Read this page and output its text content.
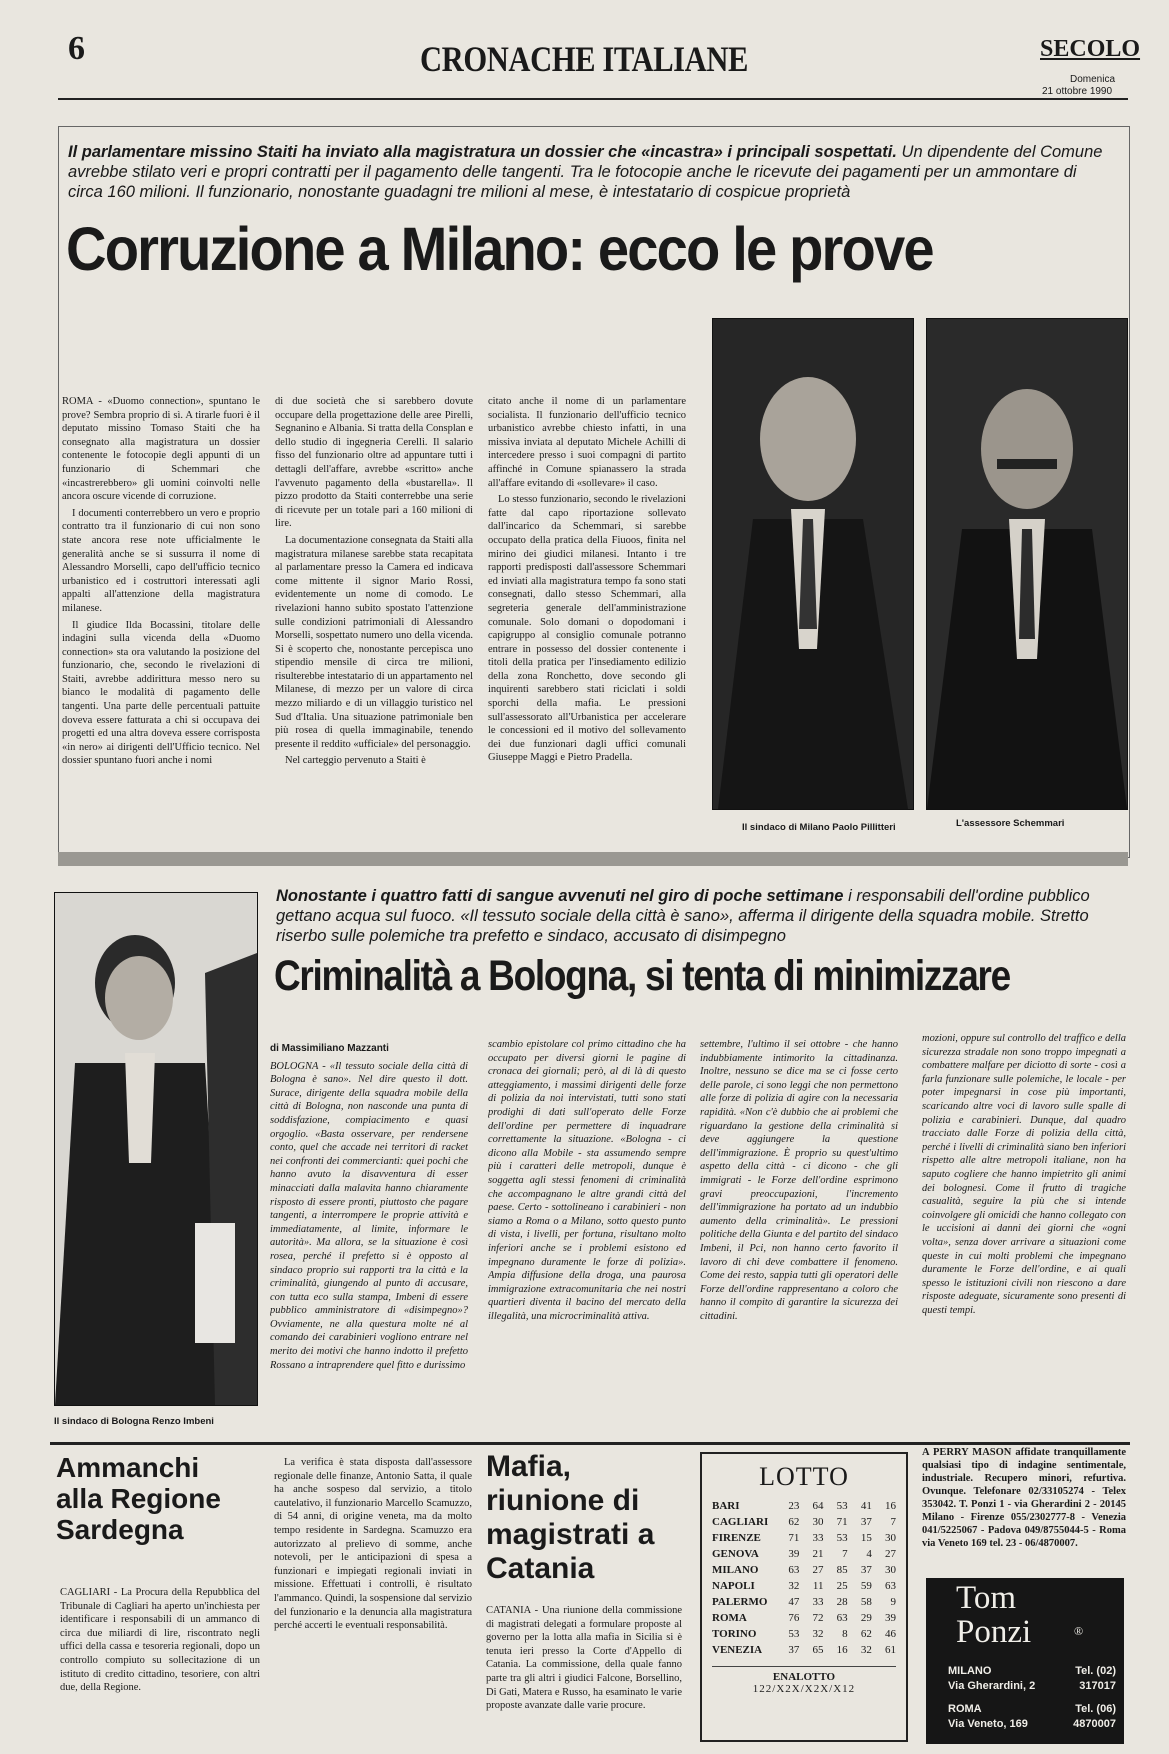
6	CRONACHE ITALIANE	SECOLO
Domenica
21 ottobre 1990
Il parlamentare missino Staiti ha inviato alla magistratura un dossier che «incastra» i principali sospettati. Un dipendente del Comune avrebbe stilato veri e propri contratti per il pagamento delle tangenti. Tra le fotocopie anche le ricevute dei pagamenti per un ammontare di circa 160 milioni. Il funzionario, nonostante guadagni tre milioni al mese, è intestatario di cospicue proprietà
Corruzione a Milano: ecco le prove

ROMA - «Duomo connection», spuntano le prove? Sembra proprio di sì. A tirarle fuori è il deputato missino Tomaso Staiti che ha consegnato alla magistratura un dossier contenente le fotocopie degli appunti di un funzionario di Schemmari che «incastrerebbero» gli uomini coinvolti nelle ancora oscure vicende di corruzione.

I documenti conterrebbero un vero e proprio contratto tra il funzionario di cui non sono state ancora rese note ufficialmente le generalità anche se si sussurra il nome di Alessandro Morselli, capo dell'ufficio tecnico urbanistico ed i costruttori interessati agli appalti all'attenzione della magistratura milanese.

Il giudice Ilda Bocassini, titolare delle indagini sulla vicenda della «Duomo connection» sta ora valutando la posizione del funzionario, che, secondo le rivelazioni di Staiti, avrebbe addirittura messo nero su bianco le modalità di pagamento delle tangenti. Una parte delle percentuali pattuite doveva essere fatturata a chi si occupava dei progetti ed una altra doveva essere corrisposta «in nero» ai dirigenti dell'Ufficio tecnico. Nel dossier spuntano fuori anche i nomi

di due società che si sarebbero dovute occupare della progettazione delle aree Pirelli, Segnanino e Albania. Si tratta della Consplan e dello studio di ingegneria Cerelli. Il salario fisso del funzionario oltre ad appuntare tutti i dettagli dell'affare, avrebbe «scritto» anche l'avvenuto pagamento della «bustarella». Il pizzo prodotto da Staiti conterrebbe una serie di ricevute per un totale pari a 160 milioni di lire.

La documentazione consegnata da Staiti alla magistratura milanese sarebbe stata recapitata al parlamentare presso la Camera ed indicava come mittente il signor Mario Rossi, evidentemente un nome di comodo. Le rivelazioni hanno subito spostato l'attenzione sulle condizioni patrimoniali di Alessandro Morselli, sospettato numero uno della vicenda. Si è scoperto che, nonostante percepisca uno stipendio mensile di circa tre milioni, risulterebbe intestatario di un appartamento nel Milanese, di mezzo per un valore di circa mezzo miliardo e di un villaggio turistico nel Sud d'Italia. Una situazione patrimoniale ben più rosea di quella immaginabile, tenendo presente il reddito «ufficiale» del personaggio.

Nel carteggio pervenuto a Staiti è

citato anche il nome di un parlamentare socialista. Il funzionario dell'ufficio tecnico urbanistico avrebbe chiesto infatti, in una missiva inviata al deputato Michele Achilli di intercedere presso i suoi compagni di partito affinché in Comune spianassero la strada all'affare evitando di «sollevare» il caso.

Lo stesso funzionario, secondo le rivelazioni fatte dal capo riportazione sollevato dall'incarico da Schemmari, si sarebbe occupato della pratica della Fiuoos, finita nel mirino dei giudici milanesi. Intanto i tre rapporti predisposti dall'assessore Schemmari ed inviati alla magistratura tempo fa sono stati consegnati, dallo stesso Schemmari, alla segreteria generale dell'amministrazione comunale. Solo domani o dopodomani i capigruppo al consiglio comunale potranno entrare in possesso del dossier contenente i titoli della pratica per l'insediamento edilizio della zona Ronchetto, dove secondo gli inquirenti sarebbero stati riciclati i soldi sporchi della mafia. Le pressioni sull'assessorato all'Urbanistica per accelerare le concessioni ed il motivo del sollevamento dei due funzionari dagli uffici comunali Giuseppe Maggi e Pietro Pradella.

Il sindaco di Milano Paolo Pillitteri	L'assessore Schemmari
Il sindaco di Bologna Renzo Imbeni
Nonostante i quattro fatti di sangue avvenuti nel giro di poche settimane i responsabili dell'ordine pubblico gettano acqua sul fuoco. «Il tessuto sociale della città è sano», afferma il dirigente della squadra mobile. Stretto riserbo sulle polemiche tra prefetto e sindaco, accusato di disimpegno
Criminalità a Bologna, si tenta di minimizzare
di Massimiliano Mazzanti

BOLOGNA - «Il tessuto sociale della città di Bologna è sano». Nel dire questo il dott. Surace, dirigente della squadra mobile della città di Bologna, non nasconde una punta di soddisfazione, compiacimento e quasi orgoglio. «Basta osservare, per rendersene conto, quel che accade nei territori di racket nei confronti dei commercianti: quei pochi che hanno avuto la disavventura di esser minacciati dalla malavita hanno chiaramente risposto di essere pronti, piuttosto che pagare tangenti, a interrompere le proprie attività e immediatamente, al limite, informare le autorità». Ma allora, se la situazione è così rosea, perché il prefetto si è opposto al sindaco proprio sui rapporti tra la città e la criminalità, giungendo al punto di accusare, con tutta eco sulla stampa, Imbeni di essere pubblico amministratore di «disimpegno»? Ovviamente, ne alla questura molte né al comando dei carabinieri vogliono entrare nel merito dei motivi che hanno indotto il prefetto Rossano a intraprendere quel fitto e durissimo

scambio epistolare col primo cittadino che ha occupato per diversi giorni le pagine di cronaca dei giornali; però, al di là di questo atteggiamento, i massimi dirigenti delle forze di polizia da noi intervistati, tutti sono stati prodighi di dati sull'operato delle Forze dell'ordine per permettere di inquadrare correttamente la situazione. «Bologna - ci dicono alla Mobile - sta assumendo sempre più i caratteri delle metropoli, dunque è soggetta agli stessi fenomeni di criminalità che accompagnano le altre grandi città del paese. Certo - sottolineano i carabinieri - non siamo a Roma o a Milano, sotto questo punto di vista, i livelli, per fortuna, risultano molto inferiori anche se i problemi esistono ed impegnano duramente le forze di polizia». Ampia diffusione della droga, una paurosa immigrazione extracomunitaria che nei nostri quartieri diventa il bacino del mercato della illegalità, una microcriminalità attiva.

settembre, l'ultimo il sei ottobre - che hanno indubbiamente intimorito la cittadinanza. Inoltre, nessuno se dice ma se ci fosse certo delle parole, ci sono leggi che non permettono alle forze di polizia di agire con la necessaria rapidità. «Non c'è dubbio che ai problemi che riguardano la gestione della criminalità si deve aggiungere la questione dell'immigrazione. È proprio su quest'ultimo aspetto della città - ci dicono - che gli immigrati - le Forze dell'ordine esprimono gravi preoccupazioni, l'incremento dell'immigrazione ha portato ad un indubbio aumento della criminalità». Le pressioni politiche della Giunta e del partito del sindaco Imbeni, il Pci, non hanno certo favorito il lavoro di chi deve combattere il fenomeno. Come dei resto, sappia tutti gli operatori delle Forze dell'ordine rappresentano a coloro che hanno il compito di garantire la sicurezza dei cittadini.

mozioni, oppure sul controllo del traffico e della sicurezza stradale non sono troppo impegnati a combattere malfare per diciotto di sorte - così a farla funzionare sulle polemiche, le locale - per poter impegnarsi in cose più importanti, scaricando altre voci di lavoro sulle spalle di polizia e carabinieri. Dunque, dal quadro tracciato dalle Forze di polizia della città, perché i livelli di criminalità siano ben inferiori rispetto alle altre metropoli italiane, non ha saputo cogliere che hanno impietrito gli animi dei bolognesi. Come il frutto di tragiche casualità, seguire la più che si intende coinvolgere gli omicidi che hanno collegato con le uccisioni ai danni dei giorni che «ogni volta», senza dover arrivare a situazioni come queste in cui molti problemi che impegnano duramente le Forze dell'ordine, e ai quali spesso le istituzioni civili non riescono a dare risposte adeguate, sicuramente sono presenti di questi tempi.

Ammanchi alla Regione Sardegna

CAGLIARI - La Procura della Repubblica del Tribunale di Cagliari ha aperto un'inchiesta per identificare i responsabili di un ammanco di circa due miliardi di lire, riscontrato negli uffici della cassa e tesoreria regionali, dopo un controllo compiuto su sollecitazione di un istituto di credito cittadino, tesoriere, con altri due, della Regione.

La verifica è stata disposta dall'assessore regionale delle finanze, Antonio Satta, il quale ha anche sospeso dal servizio, a titolo cautelativo, il funzionario Marcello Scamuzzo, di 54 anni, di origine veneta, ma da molto tempo residente in Sardegna. Scamuzzo era autorizzato al prelievo di somme, anche notevoli, per le anticipazioni di spesa a funzionari e impiegati regionali inviati in missione. Effettuati i controlli, è risultato l'ammanco. Quindi, la sospensione dal servizio del funzionario e la denuncia alla magistratura perché accerti le eventuali responsabilità.

Mafia, riunione di magistrati a Catania

CATANIA - Una riunione della commissione di magistrati delegati a formulare proposte al governo per la lotta alla mafia in Sicilia si è tenuta ieri presso la Corte d'Appello di Catania. La commissione, della quale fanno parte tra gli altri i giudici Falcone, Borsellino, Di Gati, Matera e Russo, ha esaminato le varie proposte avanzate dalle varie procure.

LOTTO
BARI	23	64	53	41	16
CAGLIARI	62	30	71	37	7
FIRENZE	71	33	53	15	30
GENOVA	39	21	7	4	27
MILANO	63	27	85	37	30
NAPOLI	32	11	25	59	63
PALERMO	47	33	28	58	9
ROMA	76	72	63	29	39
TORINO	53	32	8	62	46
VENEZIA	37	65	16	32	61
ENALOTTO
122/X2X/X2X/X12
A PERRY MASON affidate tranquillamente qualsiasi tipo di indagine sentimentale, industriale. Recupero minori, refurtiva. Ovunque. Telefonare 02/33105274 - Telex 353042. T. Ponzi 1 - via Gherardini 2 - 20145 Milano - Firenze 055/2302777-8 - Venezia 041/5225067 - Padova 049/8755044-5 - Roma via Veneto 169 tel. 23 - 06/4870007.
Tom
Ponzi	®
MILANO	Tel. (02)
Via Gherardini, 2	317017
ROMA	Tel. (06)
Via Veneto, 169	4870007
